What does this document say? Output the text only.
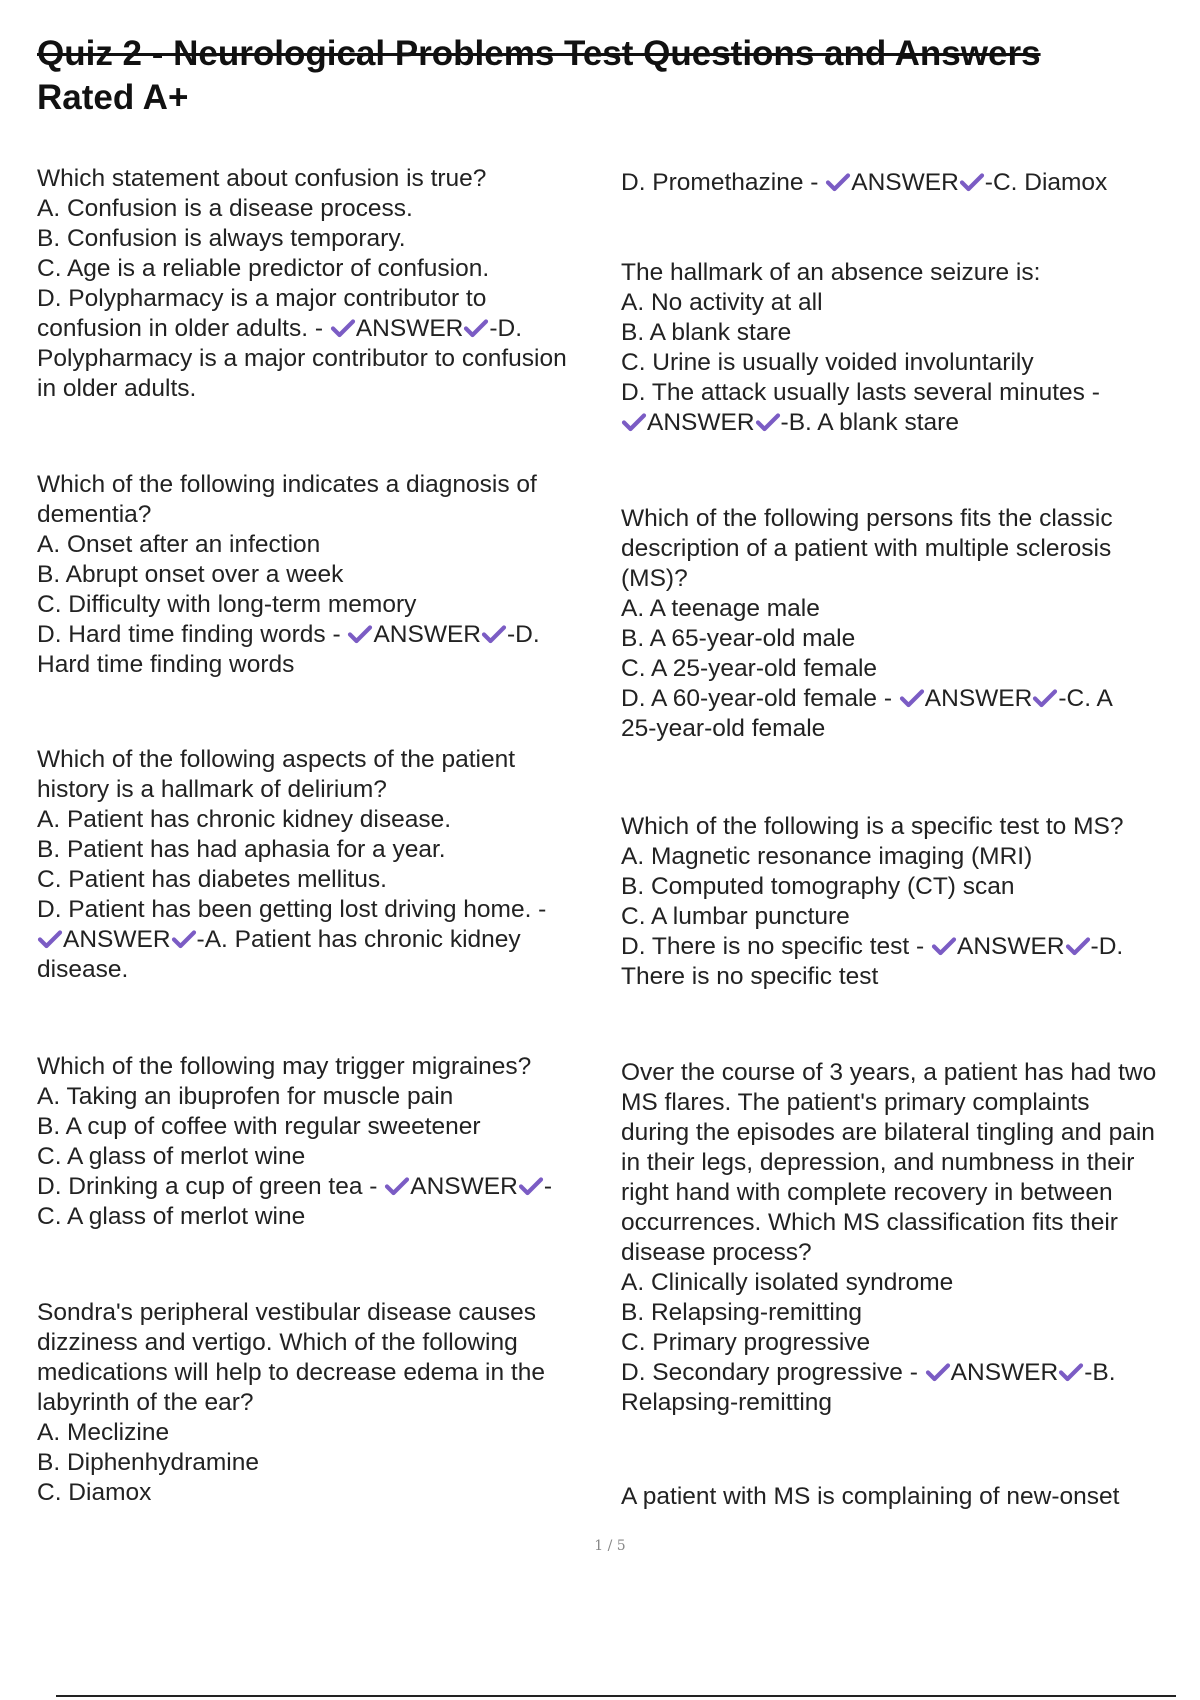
Quiz 2 - Neurological Problems Test Questions and Answers
Rated A+
Which statement about confusion is true?
A. Confusion is a disease process.
B. Confusion is always temporary.
C. Age is a reliable predictor of confusion.
D. Polypharmacy is a major contributor to
confusion in older adults. - ANSWER -D.
Polypharmacy is a major contributor to confusion
in older adults.
Which of the following indicates a diagnosis of
dementia?
A. Onset after an infection
B. Abrupt onset over a week
C. Difficulty with long-term memory
D. Hard time finding words - ANSWER -D.
Hard time finding words
Which of the following aspects of the patient
history is a hallmark of delirium?
A. Patient has chronic kidney disease.
B. Patient has had aphasia for a year.
C. Patient has diabetes mellitus.
D. Patient has been getting lost driving home. -
ANSWER -A. Patient has chronic kidney
disease.
Which of the following may trigger migraines?
A. Taking an ibuprofen for muscle pain
B. A cup of coffee with regular sweetener
C. A glass of merlot wine
D. Drinking a cup of green tea - ANSWER -
C. A glass of merlot wine
Sondra's peripheral vestibular disease causes
dizziness and vertigo. Which of the following
medications will help to decrease edema in the
labyrinth of the ear?
A. Meclizine
B. Diphenhydramine
C. Diamox
D. Promethazine - ANSWER -C. Diamox
The hallmark of an absence seizure is:
A. No activity at all
B. A blank stare
C. Urine is usually voided involuntarily
D. The attack usually lasts several minutes -
ANSWER -B. A blank stare
Which of the following persons fits the classic
description of a patient with multiple sclerosis
(MS)?
A. A teenage male
B. A 65-year-old male
C. A 25-year-old female
D. A 60-year-old female - ANSWER -C. A
25-year-old female
Which of the following is a specific test to MS?
A. Magnetic resonance imaging (MRI)
B. Computed tomography (CT) scan
C. A lumbar puncture
D. There is no specific test - ANSWER -D.
There is no specific test
Over the course of 3 years, a patient has had two
MS flares. The patient's primary complaints
during the episodes are bilateral tingling and pain
in their legs, depression, and numbness in their
right hand with complete recovery in between
occurrences. Which MS classification fits their
disease process?
A. Clinically isolated syndrome
B. Relapsing-remitting
C. Primary progressive
D. Secondary progressive - ANSWER -B.
Relapsing-remitting
A patient with MS is complaining of new-onset
1 / 5
